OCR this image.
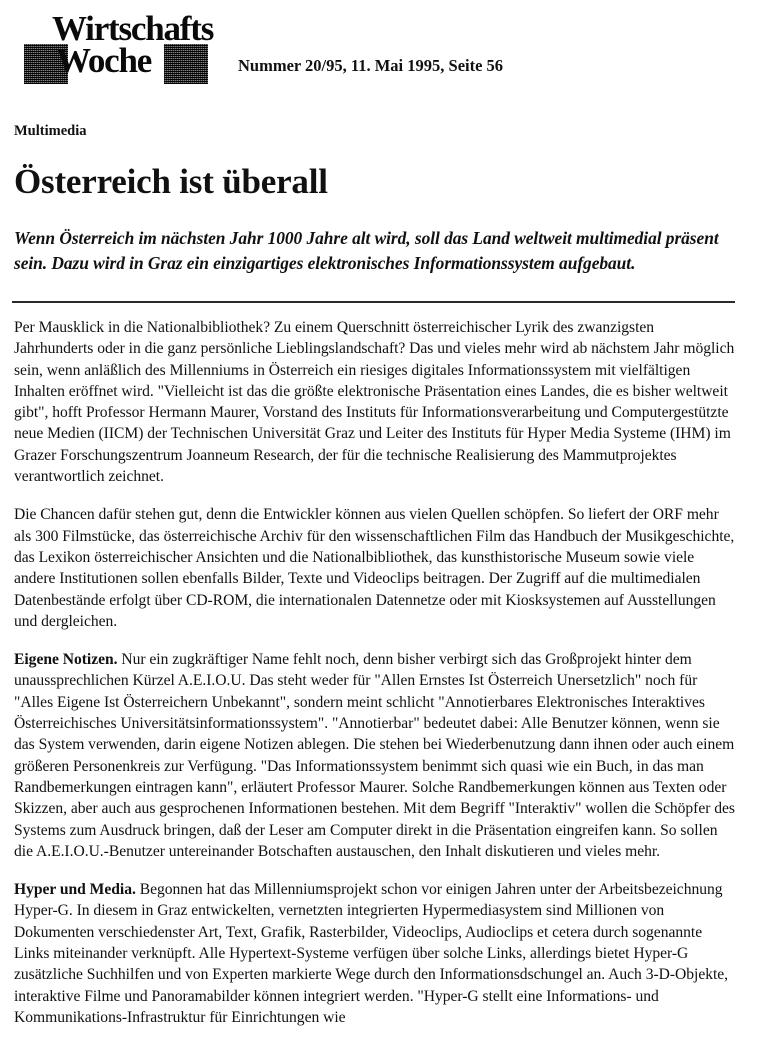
Wirtschafts
Woche	Nummer 20/95, 11. Mai 1995, Seite 56
Multimedia
Österreich ist überall
Wenn Österreich im nächsten Jahr 1000 Jahre alt wird, soll das Land weltweit multimedial präsent sein. Dazu wird in Graz ein einzigartiges elektronisches Informationssystem aufgebaut.

Per Mausklick in die Nationalbibliothek? Zu einem Querschnitt österreichischer Lyrik des zwanzigsten Jahrhunderts oder in die ganz persönliche Lieblingslandschaft? Das und vieles mehr wird ab nächstem Jahr möglich sein, wenn anläßlich des Millenniums in Österreich ein riesiges digitales Informationssystem mit vielfältigen Inhalten eröffnet wird. "Vielleicht ist das die größte elektronische Präsentation eines Landes, die es bisher weltweit gibt", hofft Professor Hermann Maurer, Vorstand des Instituts für Informationsverarbeitung und Computergestützte neue Medien (IICM) der Technischen Universität Graz und Leiter des Instituts für Hyper Media Systeme (IHM) im Grazer Forschungszentrum Joanneum Research, der für die technische Realisierung des Mammutprojektes verantwortlich zeichnet.

Die Chancen dafür stehen gut, denn die Entwickler können aus vielen Quellen schöpfen. So liefert der ORF mehr als 300 Filmstücke, das österreichische Archiv für den wissenschaftlichen Film das Handbuch der Musikgeschichte, das Lexikon österreichischer Ansichten und die Nationalbibliothek, das kunsthistorische Museum sowie viele andere Institutionen sollen ebenfalls Bilder, Texte und Videoclips beitragen. Der Zugriff auf die multimedialen Datenbestände erfolgt über CD-ROM, die internationalen Datennetze oder mit Kiosksystemen auf Ausstellungen und dergleichen.

Eigene Notizen. Nur ein zugkräftiger Name fehlt noch, denn bisher verbirgt sich das Großprojekt hinter dem unaussprechlichen Kürzel A.E.I.O.U. Das steht weder für "Allen Ernstes Ist Österreich Unersetzlich" noch für "Alles Eigene Ist Österreichern Unbekannt", sondern meint schlicht "Annotierbares Elektronisches Interaktives Österreichisches Universitätsinformationssystem". "Annotierbar" bedeutet dabei: Alle Benutzer können, wenn sie das System verwenden, darin eigene Notizen ablegen. Die stehen bei Wiederbenutzung dann ihnen oder auch einem größeren Personenkreis zur Verfügung. "Das Informationssystem benimmt sich quasi wie ein Buch, in das man Randbemerkungen eintragen kann", erläutert Professor Maurer. Solche Randbemerkungen können aus Texten oder Skizzen, aber auch aus gesprochenen Informationen bestehen. Mit dem Begriff "Interaktiv" wollen die Schöpfer des Systems zum Ausdruck bringen, daß der Leser am Computer direkt in die Präsentation eingreifen kann. So sollen die A.E.I.O.U.-Benutzer untereinander Botschaften austauschen, den Inhalt diskutieren und vieles mehr.

Hyper und Media. Begonnen hat das Millenniumsprojekt schon vor einigen Jahren unter der Arbeitsbezeichnung Hyper-G. In diesem in Graz entwickelten, vernetzten integrierten Hypermediasystem sind Millionen von Dokumenten verschiedenster Art, Text, Grafik, Rasterbilder, Videoclips, Audioclips et cetera durch sogenannte Links miteinander verknüpft. Alle Hypertext-Systeme verfügen über solche Links, allerdings bietet Hyper-G zusätzliche Suchhilfen und von Experten markierte Wege durch den Informationsdschungel an. Auch 3-D-Objekte, interaktive Filme und Panoramabilder können integriert werden. "Hyper-G stellt eine Informations- und Kommunikations-Infrastruktur für Einrichtungen wie
